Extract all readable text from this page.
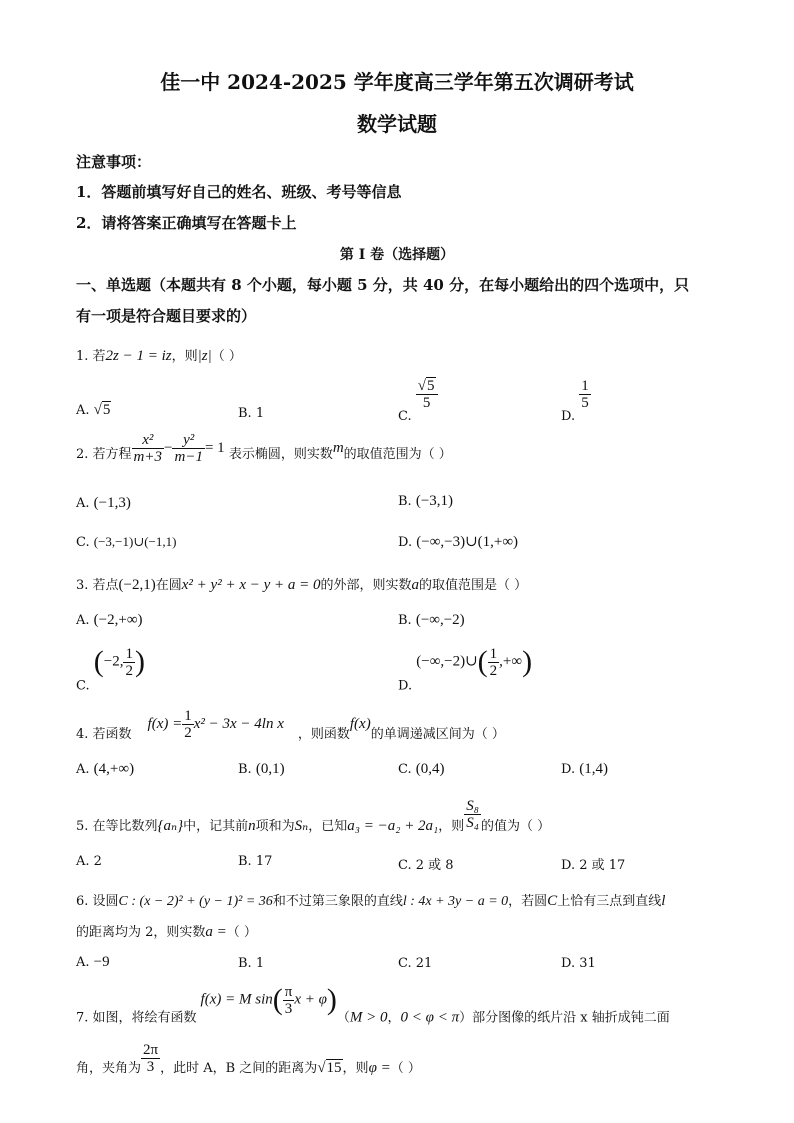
佳一中 2024-2025 学年度高三学年第五次调研考试
数学试题
注意事项：
1．答题前填写好自己的姓名、班级、考号等信息
2．请将答案正确填写在答题卡上
第 I 卷（选择题）
一、单选题（本题共有 8 个小题，每小题 5 分，共 40 分，在每小题给出的四个选项中，只
有一项是符合题目要求的）
1. 若2z − 1 = iz，则|z|（ ）
A. √5	B. 1	C.
$\frac{√5}{5}$
D.
$\frac{1}{5}$
2. 若方程 $\frac{\text{x²}}{m+3} - \frac{\text{y²}}{m-1} = 1$ 表示椭圆，则实数m的取值范围为（ ）
A. (−1,3)	B. (−3,1)
C. (−3,−1)∪(−1,1)	D. (−∞,−3)∪(1,+∞)
3. 若点(−2,1)在圆x² + y² + x − y + a = 0的外部，则实数a的取值范围是（ ）
A. (−2,+∞)	B. (−∞,−2)
C. (−2, $\frac{1}{2}$ )
D. (−∞,−2)∪( $\frac{1}{2}$ ,+∞)
4. 若函数$f(x) = \frac{1}{2} x^2 - 3x - 4\ln$ x，则函数f(x)的单调递减区间为（ ）
A. (4,+∞)	B. (0,1)	C. (0,4)	D. (1,4)
5. 在等比数列{aₙ}中，记其前n项和为Sₙ，已知a₃ = −a₂ + 2a₁，则 $\frac{\text{S₈}}{\text{S₄}}$ 的值为（ ）
A. 2	B. 17	C. 2 或 8	D. 2 或 17
6. 设圆C : (x − 2)² + (y − 1)² = 36和不过第三象限的直线l : 4x + 3y − a = 0，若圆C上恰有三点到直线l
的距离均为 2，则实数a =（ ）
A. −9	B. 1	C. 21	D. 31
7. 如图，将绘有函数f(x) = M $\sin( \frac{\pi}{3}$ x + φ)（M > 0，0 < φ < π）部分图像的纸片沿 x 轴折成钝二面
角，夹角为 $\frac{2\pi}{3}$ ，此时 A，B 之间的距离为√15，则φ =（ ）
